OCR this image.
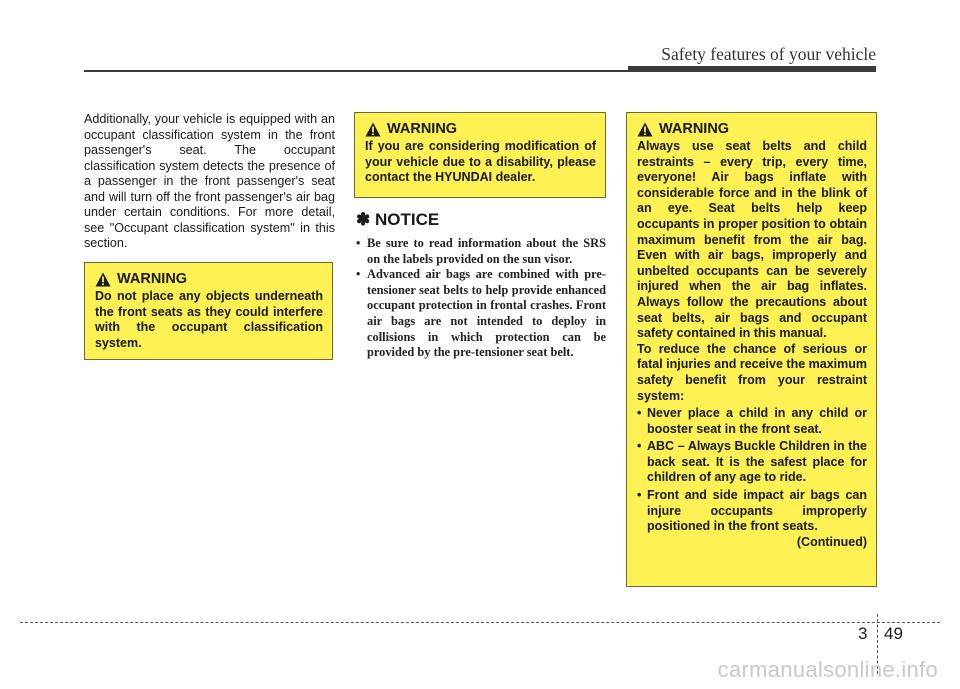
Safety features of your vehicle
Additionally, your vehicle is equipped with an occupant classification system in the front passenger's seat. The occupant classification system detects the presence of a passenger in the front passenger's seat and will turn off the front passenger's air bag under certain conditions. For more detail, see "Occupant classification system" in this section.
WARNING
Do not place any objects underneath the front seats as they could interfere with the occupant classification system.
WARNING
If you are considering modification of your vehicle due to a disability, please contact the HYUNDAI dealer.
✽ NOTICE
• Be sure to read information about the SRS on the labels provided on the sun visor.
• Advanced air bags are combined with pre-tensioner seat belts to help provide enhanced occupant protection in frontal crashes. Front air bags are not intended to deploy in collisions in which protection can be provided by the pre-tensioner seat belt.
WARNING

Always use seat belts and child restraints – every trip, every time, everyone! Air bags inflate with considerable force and in the blink of an eye. Seat belts help keep occupants in proper position to obtain maximum benefit from the air bag. Even with air bags, improperly and unbelted occupants can be severely injured when the air bag inflates. Always follow the precautions about seat belts, air bags and occupant safety contained in this manual.

To reduce the chance of serious or fatal injuries and receive the maximum safety benefit from your restraint system:

• Never place a child in any child or booster seat in the front seat.
• ABC – Always Buckle Children in the back seat. It is the safest place for children of any age to ride.
• Front and side impact air bags can injure occupants improperly positioned in the front seats.

(Continued)

3 49
carmanualsonline.info
